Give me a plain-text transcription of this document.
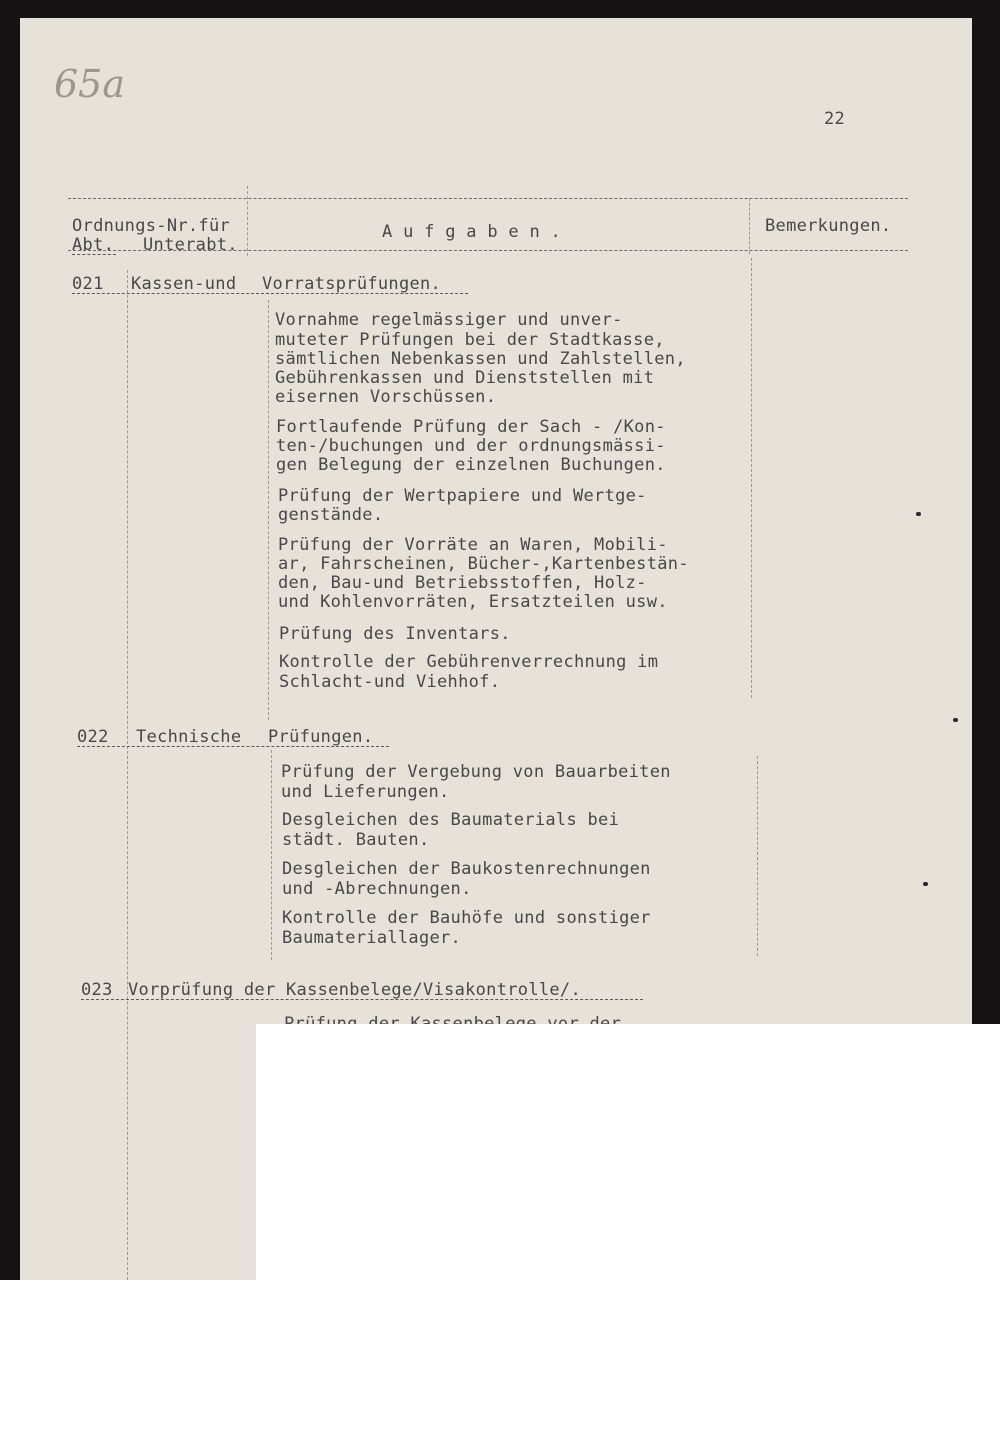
65a
22
Ordnungs-Nr.für
Abt. Unterabt.
A u f g a b e n .	Bemerkungen.
021 Kassen-und Vorratsprüfungen.
Vornahme regelmässiger und unver-
muteter Prüfungen bei der Stadtkasse,
sämtlichen Nebenkassen und Zahlstellen,
Gebührenkassen und Dienststellen mit
eisernen Vorschüssen.
Fortlaufende Prüfung der Sach - /Kon-
ten-/buchungen und der ordnungsmässi-
gen Belegung der einzelnen Buchungen.
Prüfung der Wertpapiere und Wertge-
genstände.
Prüfung der Vorräte an Waren, Mobili-
ar, Fahrscheinen, Bücher-,Kartenbestän-
den, Bau-und Betriebsstoffen, Holz-
und Kohlenvorräten, Ersatzteilen usw.
Prüfung des Inventars.
Kontrolle der Gebührenverrechnung im
Schlacht-und Viehhof.
022 Technische Prüfungen.
Prüfung der Vergebung von Bauarbeiten
und Lieferungen.
Desgleichen des Baumaterials bei
städt. Bauten.
Desgleichen der Baukostenrechnungen
und -Abrechnungen.
Kontrolle der Bauhöfe und sonstiger
Baumateriallager.
023 Vorprüfung der Kassenbelege/Visakontrolle/.
